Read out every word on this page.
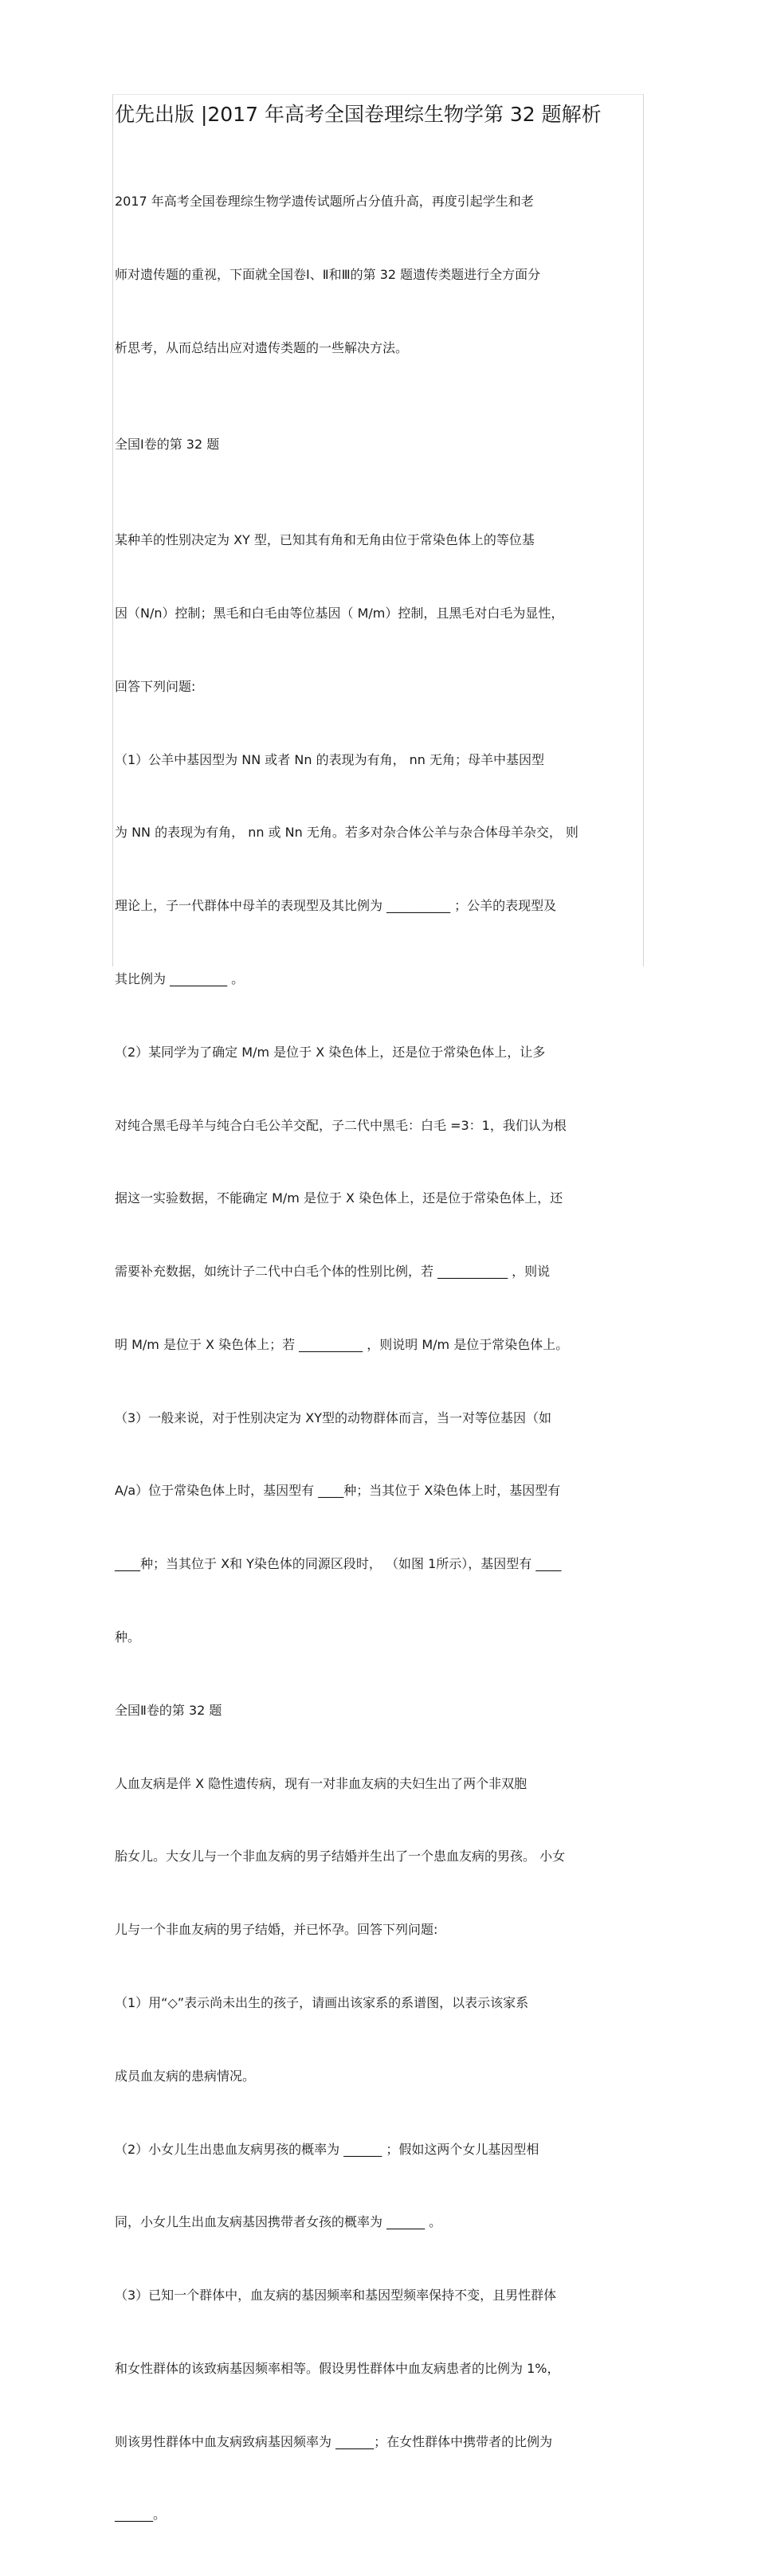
优先出版 |2017 年高考全国卷理综生物学第 32 题解析

2017 年高考全国卷理综生物学遗传试题所占分值升高，再度引起学生和老

师对遗传题的重视，下面就全国卷Ⅰ、Ⅱ和Ⅲ的第 32 题遗传类题进行全方面分

析思考，从而总结出应对遗传类题的一些解决方法。

全国Ⅰ卷的第 32 题

某种羊的性别决定为 XY 型，已知其有角和无角由位于常染色体上的等位基

因（N/n）控制；黑毛和白毛由等位基因（ M/m）控制，且黑毛对白毛为显性，

回答下列问题:

（1）公羊中基因型为 NN 或者 Nn 的表现为有角， nn 无角；母羊中基因型

为 NN 的表现为有角， nn 或 Nn 无角。若多对杂合体公羊与杂合体母羊杂交， 则

理论上，子一代群体中母羊的表现型及其比例为 __________ ；公羊的表现型及

其比例为 _________ 。

（2）某同学为了确定 M/m 是位于 X 染色体上，还是位于常染色体上，让多

对纯合黑毛母羊与纯合白毛公羊交配，子二代中黑毛：白毛 =3：1，我们认为根

据这一实验数据，不能确定 M/m 是位于 X 染色体上，还是位于常染色体上，还

需要补充数据，如统计子二代中白毛个体的性别比例，若 ___________ ，则说

明 M/m 是位于 X 染色体上；若 __________ ，则说明 M/m 是位于常染色体上。

（3）一般来说，对于性别决定为 XY型的动物群体而言，当一对等位基因（如

A/a）位于常染色体上时，基因型有 ____种；当其位于 X染色体上时，基因型有

____种；当其位于 X和 Y染色体的同源区段时， （如图 1所示），基因型有 ____

种。

全国Ⅱ卷的第 32 题

人血友病是伴 X 隐性遗传病，现有一对非血友病的夫妇生出了两个非双胞

胎女儿。大女儿与一个非血友病的男子结婚并生出了一个患血友病的男孩。 小女

儿与一个非血友病的男子结婚，并已怀孕。回答下列问题:

（1）用“◇”表示尚未出生的孩子，请画出该家系的系谱图，以表示该家系

成员血友病的患病情况。

（2）小女儿生出患血友病男孩的概率为 ______ ；假如这两个女儿基因型相

同，小女儿生出血友病基因携带者女孩的概率为 ______ 。

（3）已知一个群体中，血友病的基因频率和基因型频率保持不变，且男性群体

和女性群体的该致病基因频率相等。假设男性群体中血友病患者的比例为 1%，

则该男性群体中血友病致病基因频率为 ______；在女性群体中携带者的比例为

______。
